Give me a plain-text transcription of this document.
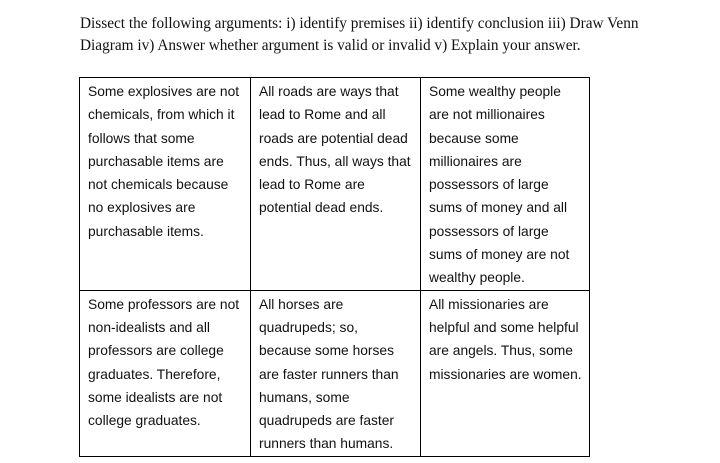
Dissect the following arguments: i) identify premises ii) identify conclusion iii) Draw Venn Diagram iv) Answer whether argument is valid or invalid v) Explain your answer.

Some explosives are not chemicals, from which it follows that some purchasable items are not chemicals because no explosives are purchasable items.	All roads are ways that lead to Rome and all roads are potential dead ends. Thus, all ways that lead to Rome are potential dead ends.	Some wealthy people are not millionaires because some millionaires are possessors of large sums of money and all possessors of large sums of money are not wealthy people.
Some professors are not non-idealists and all professors are college graduates. Therefore, some idealists are not college graduates.	All horses are quadrupeds; so, because some horses are faster runners than humans, some quadrupeds are faster runners than humans.	All missionaries are helpful and some helpful are angels. Thus, some missionaries are women.
